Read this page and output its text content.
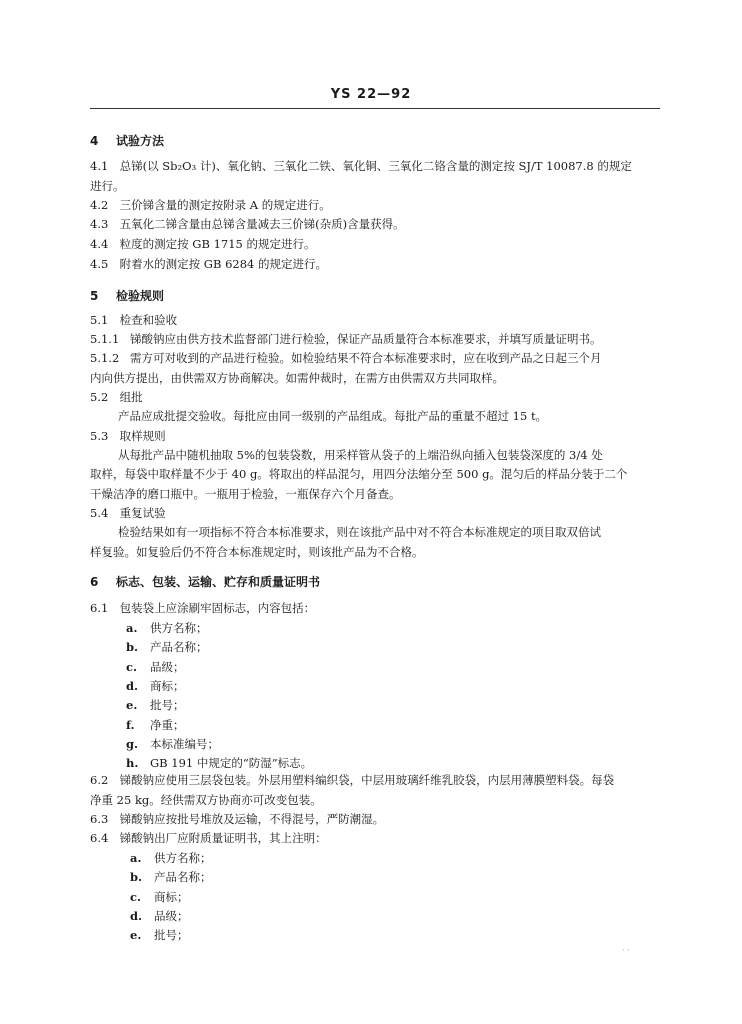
YS 22—92
4 试验方法
4.1 总锑(以 Sb₂O₃ 计)、氧化钠、三氧化二铁、氧化铜、三氧化二铬含量的测定按 SJ/T 10087.8 的规定
进行。
4.2 三价锑含量的测定按附录 A 的规定进行。
4.3 五氧化二锑含量由总锑含量减去三价锑(杂质)含量获得。
4.4 粒度的测定按 GB 1715 的规定进行。
4.5 附着水的测定按 GB 6284 的规定进行。
5 检验规则
5.1 检查和验收
5.1.1 锑酸钠应由供方技术监督部门进行检验，保证产品质量符合本标准要求，并填写质量证明书。
5.1.2 需方可对收到的产品进行检验。如检验结果不符合本标准要求时，应在收到产品之日起三个月
内向供方提出，由供需双方协商解决。如需仲裁时，在需方由供需双方共同取样。
5.2 组批
产品应成批提交验收。每批应由同一级别的产品组成。每批产品的重量不超过 15 t。
5.3 取样规则
从每批产品中随机抽取 5%的包装袋数，用采样管从袋子的上端沿纵向插入包装袋深度的 3/4 处
取样，每袋中取样量不少于 40 g。将取出的样品混匀，用四分法缩分至 500 g。混匀后的样品分装于二个
干燥洁净的磨口瓶中。一瓶用于检验，一瓶保存六个月备查。
5.4 重复试验
检验结果如有一项指标不符合本标准要求，则在该批产品中对不符合本标准规定的项目取双倍试
样复验。如复验后仍不符合本标准规定时，则该批产品为不合格。
6 标志、包装、运输、贮存和质量证明书
6.1 包装袋上应涂刷牢固标志，内容包括：
a. 供方名称；
b. 产品名称；
c. 品级；
d. 商标；
e. 批号；
f. 净重；
g. 本标准编号；
h. GB 191 中规定的“防湿”标志。
6.2 锑酸钠应使用三层袋包装。外层用塑料编织袋，中层用玻璃纤维乳胶袋，内层用薄膜塑料袋。每袋
净重 25 kg。经供需双方协商亦可改变包装。
6.3 锑酸钠应按批号堆放及运输，不得混号，严防潮湿。
6.4 锑酸钠出厂应附质量证明书，其上注明：
a. 供方名称；
b. 产品名称；
c. 商标；
d. 品级；
e. 批号；
· ·
